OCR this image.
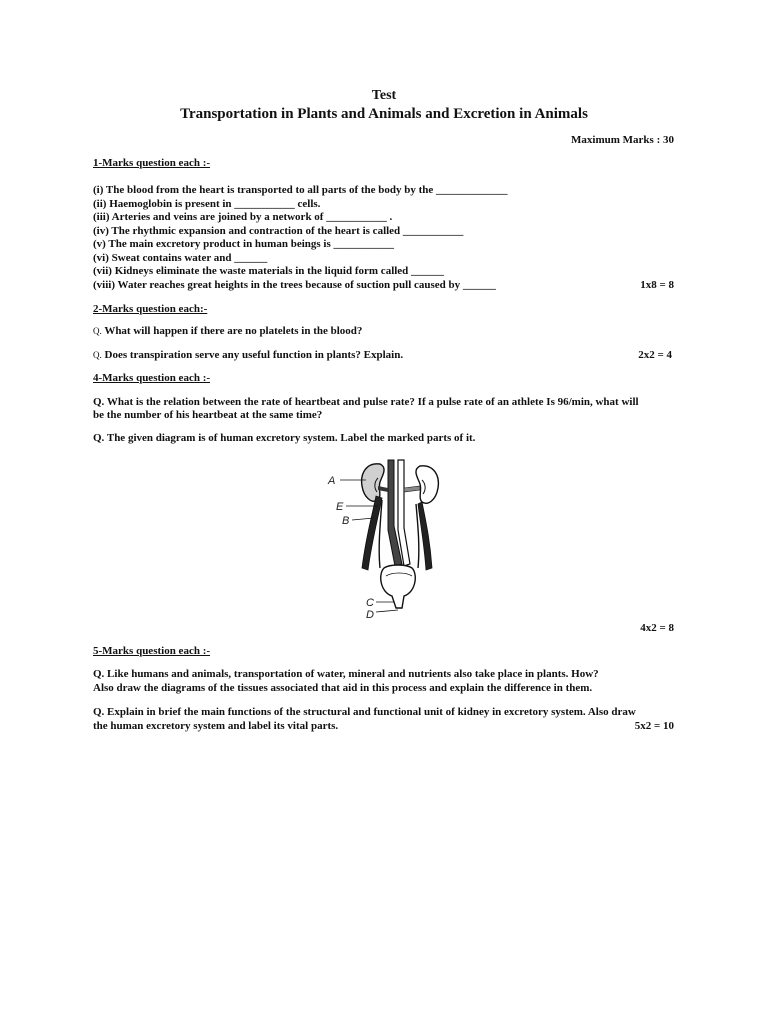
Test
Transportation in Plants and Animals and Excretion in Animals
Maximum Marks : 30
1-Marks question each :-
(i) The blood from the heart is transported to all parts of the body by the _____________
(ii) Haemoglobin is present in ___________ cells.
(iii) Arteries and veins are joined by a network of ___________ .
(iv) The rhythmic expansion and contraction of the heart is called ___________
(v) The main excretory product in human beings is ___________
(vi) Sweat contains water and ______
(vii) Kidneys eliminate the waste materials in the liquid form called ______
(viii) Water reaches great heights in the trees because of suction pull caused by ______	1x8 = 8
2-Marks question each:-
Q. What will happen if there are no platelets in the blood?
Q. Does transpiration serve any useful function in plants? Explain.	2x2 = 4
4-Marks question each :-
Q. What is the relation between the rate of heartbeat and pulse rate? If a pulse rate of an athlete Is 96/min, what will
be the number of his heartbeat at the same time?
Q. The given diagram is of human excretory system. Label the marked parts of it.
A
E
B
C
D
4x2 = 8
5-Marks question each :-
Q. Like humans and animals, transportation of water, mineral and nutrients also take place in plants. How?
Also draw the diagrams of the tissues associated that aid in this process and explain the difference in them.
Q. Explain in brief the main functions of the structural and functional unit of kidney in excretory system. Also draw
the human excretory system and label its vital parts.	5x2 = 10
